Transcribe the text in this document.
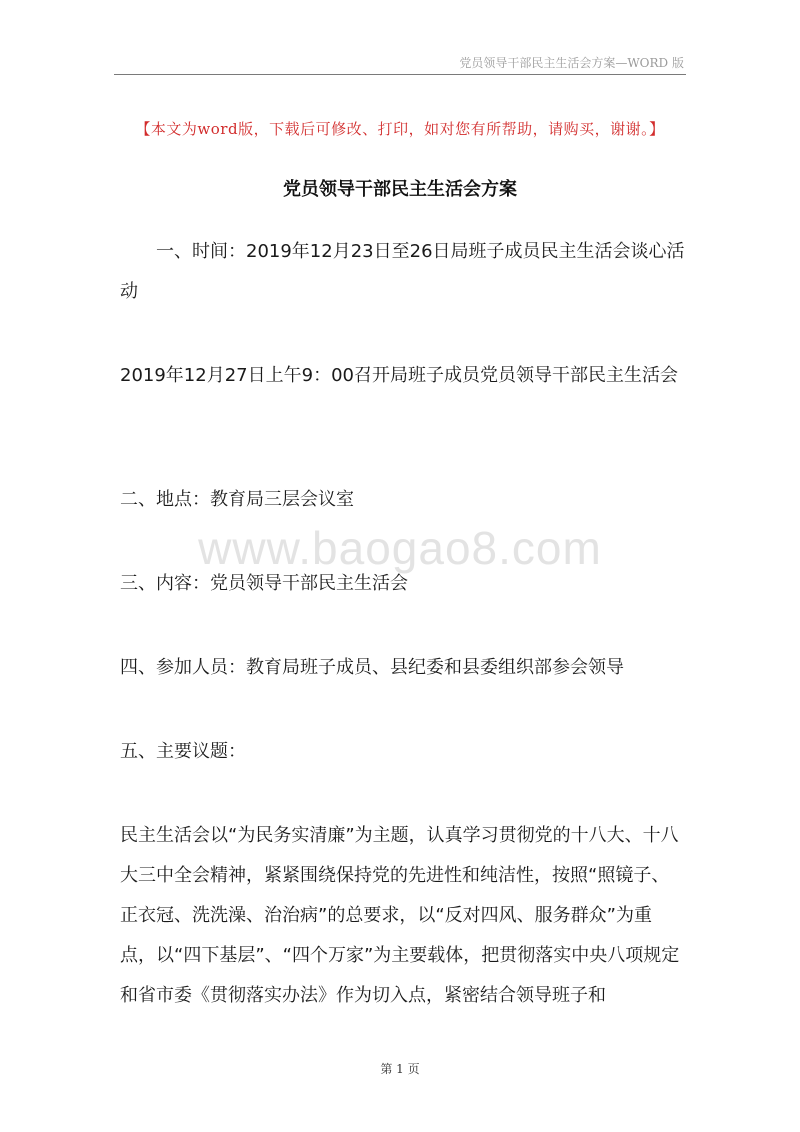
党员领导干部民主生活会方案—WORD 版
【本文为word版，下载后可修改、打印，如对您有所帮助，请购买，谢谢。】
党员领导干部民主生活会方案

一、时间：2019年12月23日至26日局班子成员民主生活会谈心活动

2019年12月27日上午9：00召开局班子成员党员领导干部民主生活会

二、地点：教育局三层会议室

三、内容：党员领导干部民主生活会

四、参加人员：教育局班子成员、县纪委和县委组织部参会领导

五、主要议题：

民主生活会以“为民务实清廉”为主题，认真学习贯彻党的十八大、十八大三中全会精神，紧紧围绕保持党的先进性和纯洁性，按照“照镜子、正衣冠、洗洗澡、治治病”的总要求，以“反对四风、服务群众”为重点，以“四下基层”、“四个万家”为主要载体，把贯彻落实中央八项规定和省市委《贯彻落实办法》作为切入点，紧密结合领导班子和

www.baogao8.com
第 1 页
